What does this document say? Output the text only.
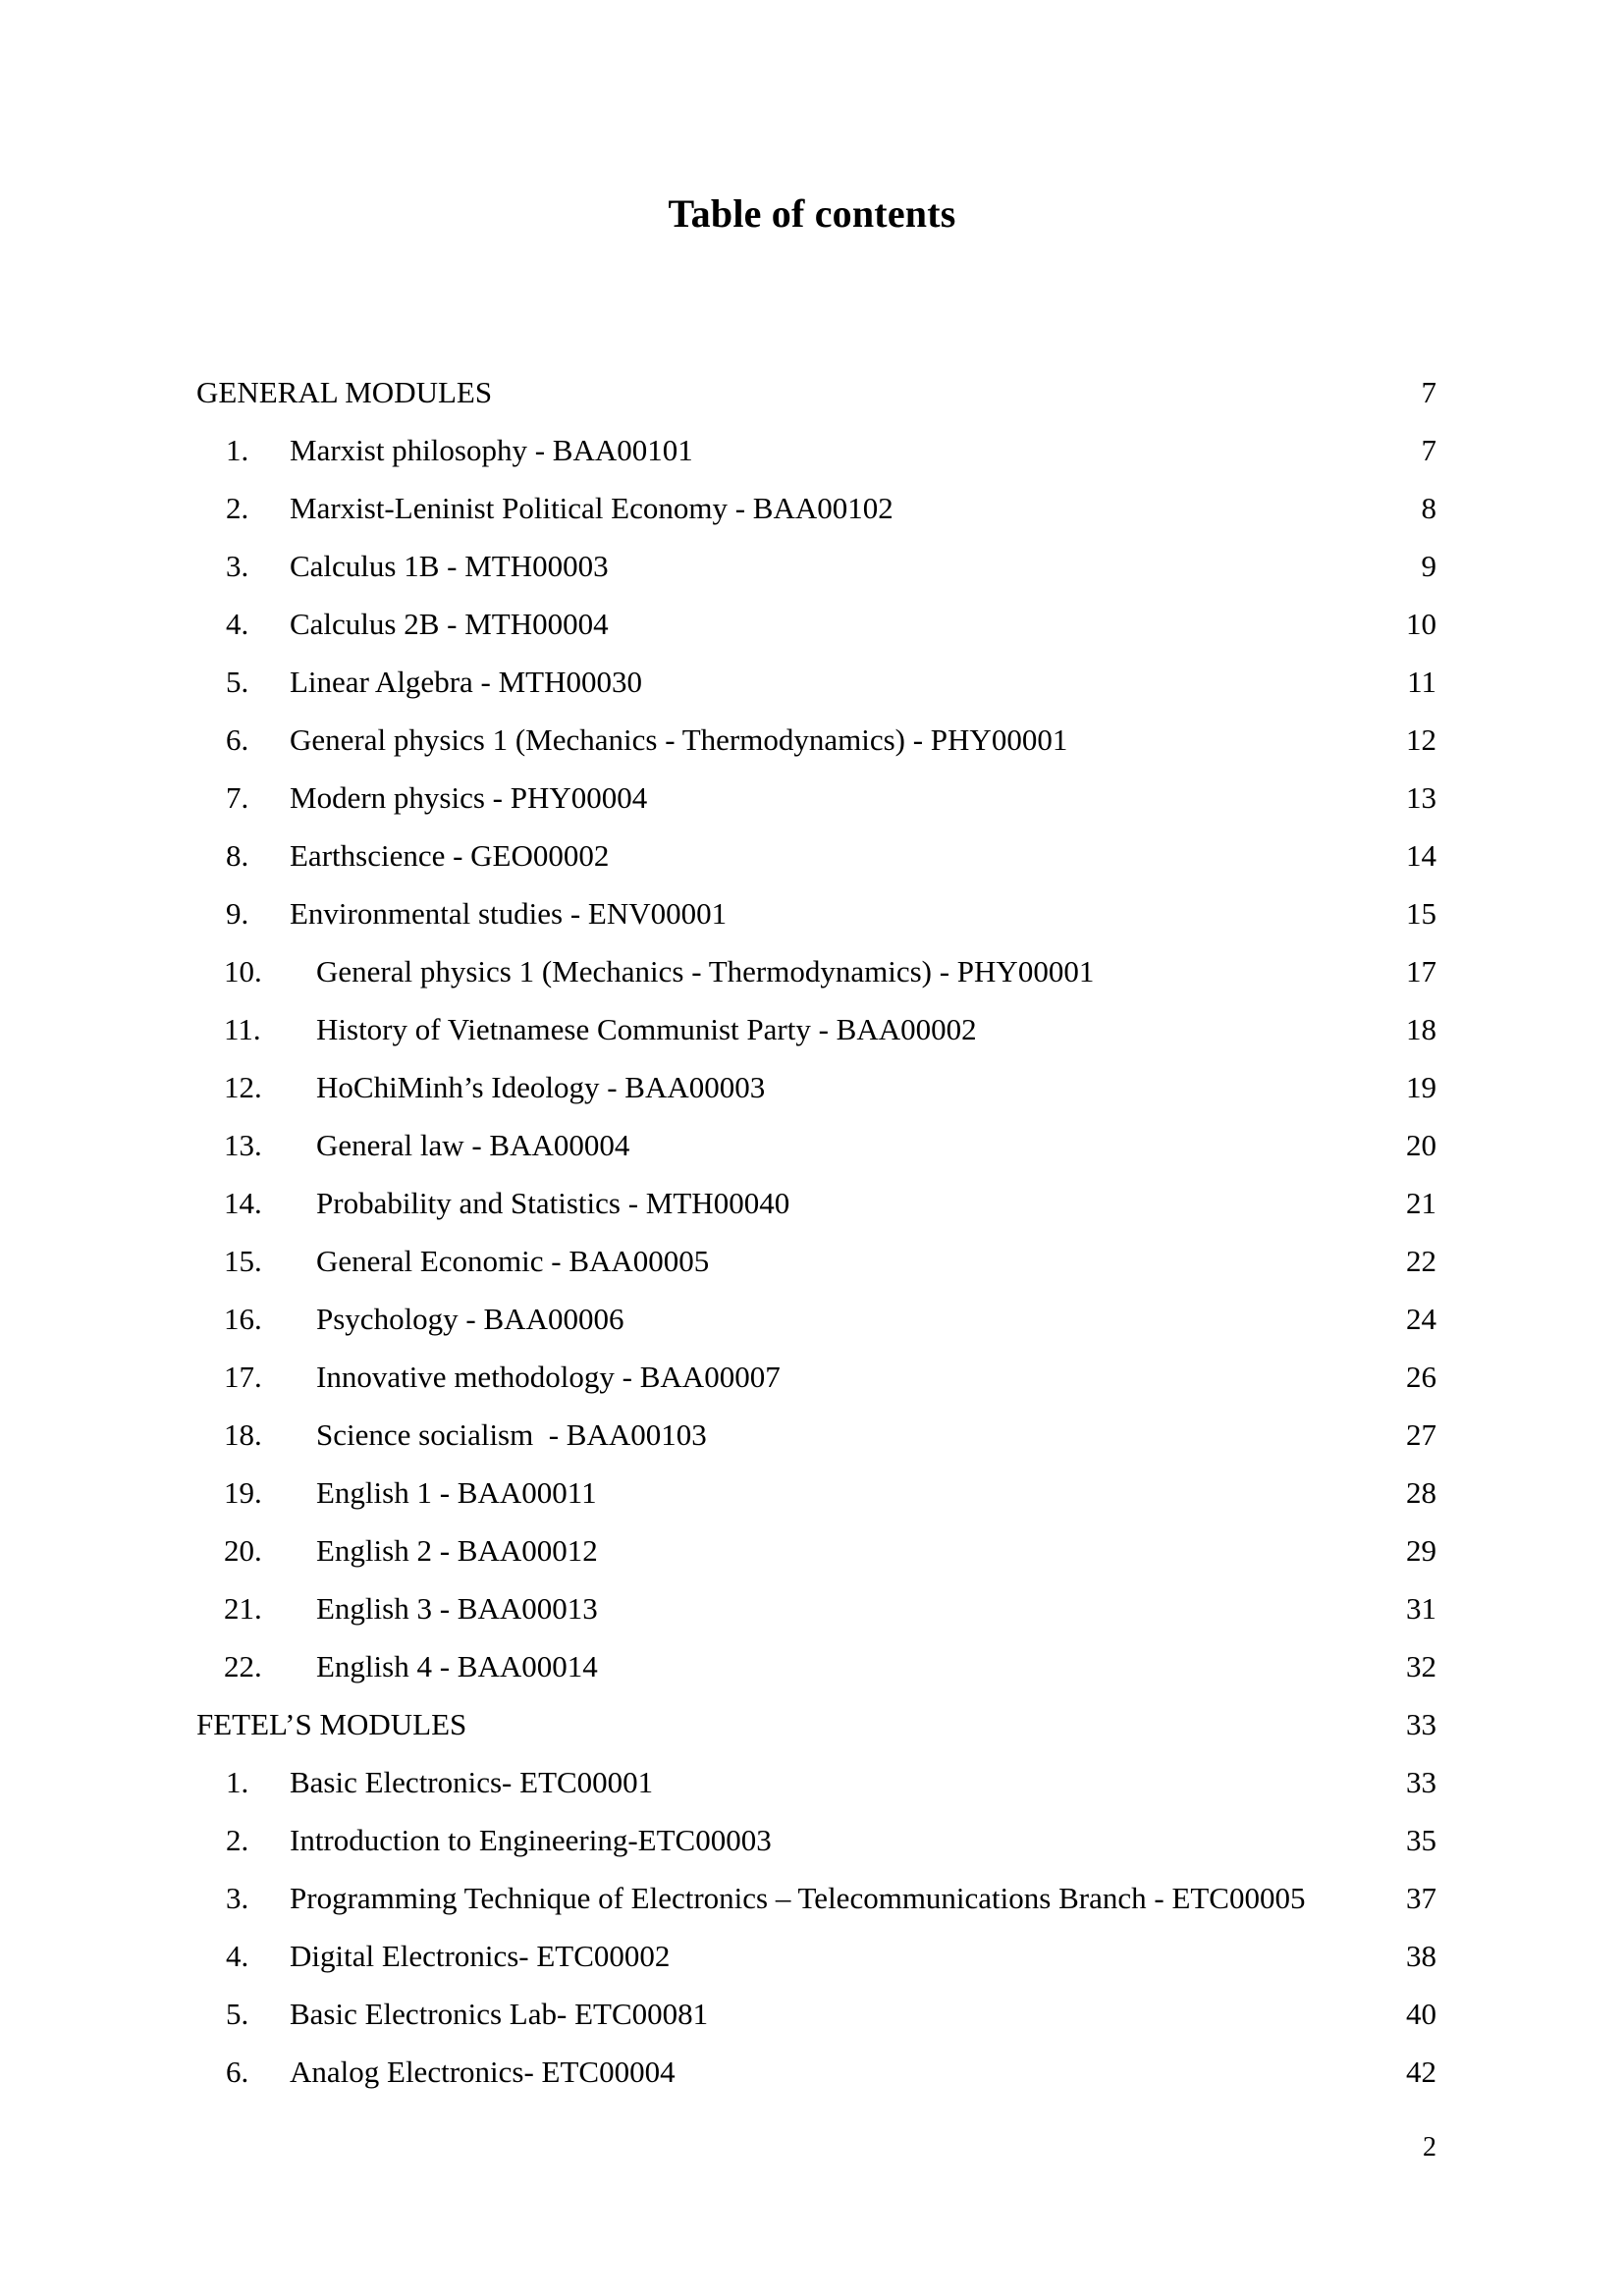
Table of contents
GENERAL MODULES	7
1. Marxist philosophy - BAA00101	7
2. Marxist-Leninist Political Economy - BAA00102	8
3. Calculus 1B - MTH00003	9
4. Calculus 2B - MTH00004	10
5. Linear Algebra - MTH00030	11
6. General physics 1 (Mechanics - Thermodynamics) - PHY00001	12
7. Modern physics - PHY00004	13
8. Earthscience - GEO00002	14
9. Environmental studies - ENV00001	15
10. General physics 1 (Mechanics - Thermodynamics) - PHY00001	17
11. History of Vietnamese Communist Party - BAA00002	18
12. HoChiMinh’s Ideology - BAA00003	19
13. General law - BAA00004	20
14. Probability and Statistics - MTH00040	21
15. General Economic - BAA00005	22
16. Psychology - BAA00006	24
17. Innovative methodology - BAA00007	26
18. Science socialism  - BAA00103	27
19. English 1 - BAA00011	28
20. English 2 - BAA00012	29
21. English 3 - BAA00013	31
22. English 4 - BAA00014	32
FETEL’S MODULES	33
1. Basic Electronics- ETC00001	33
2. Introduction to Engineering-ETC00003	35
3. Programming Technique of Electronics – Telecommunications Branch - ETC00005	37
4. Digital Electronics- ETC00002	38
5. Basic Electronics Lab- ETC00081	40
6. Analog Electronics- ETC00004	42
2
